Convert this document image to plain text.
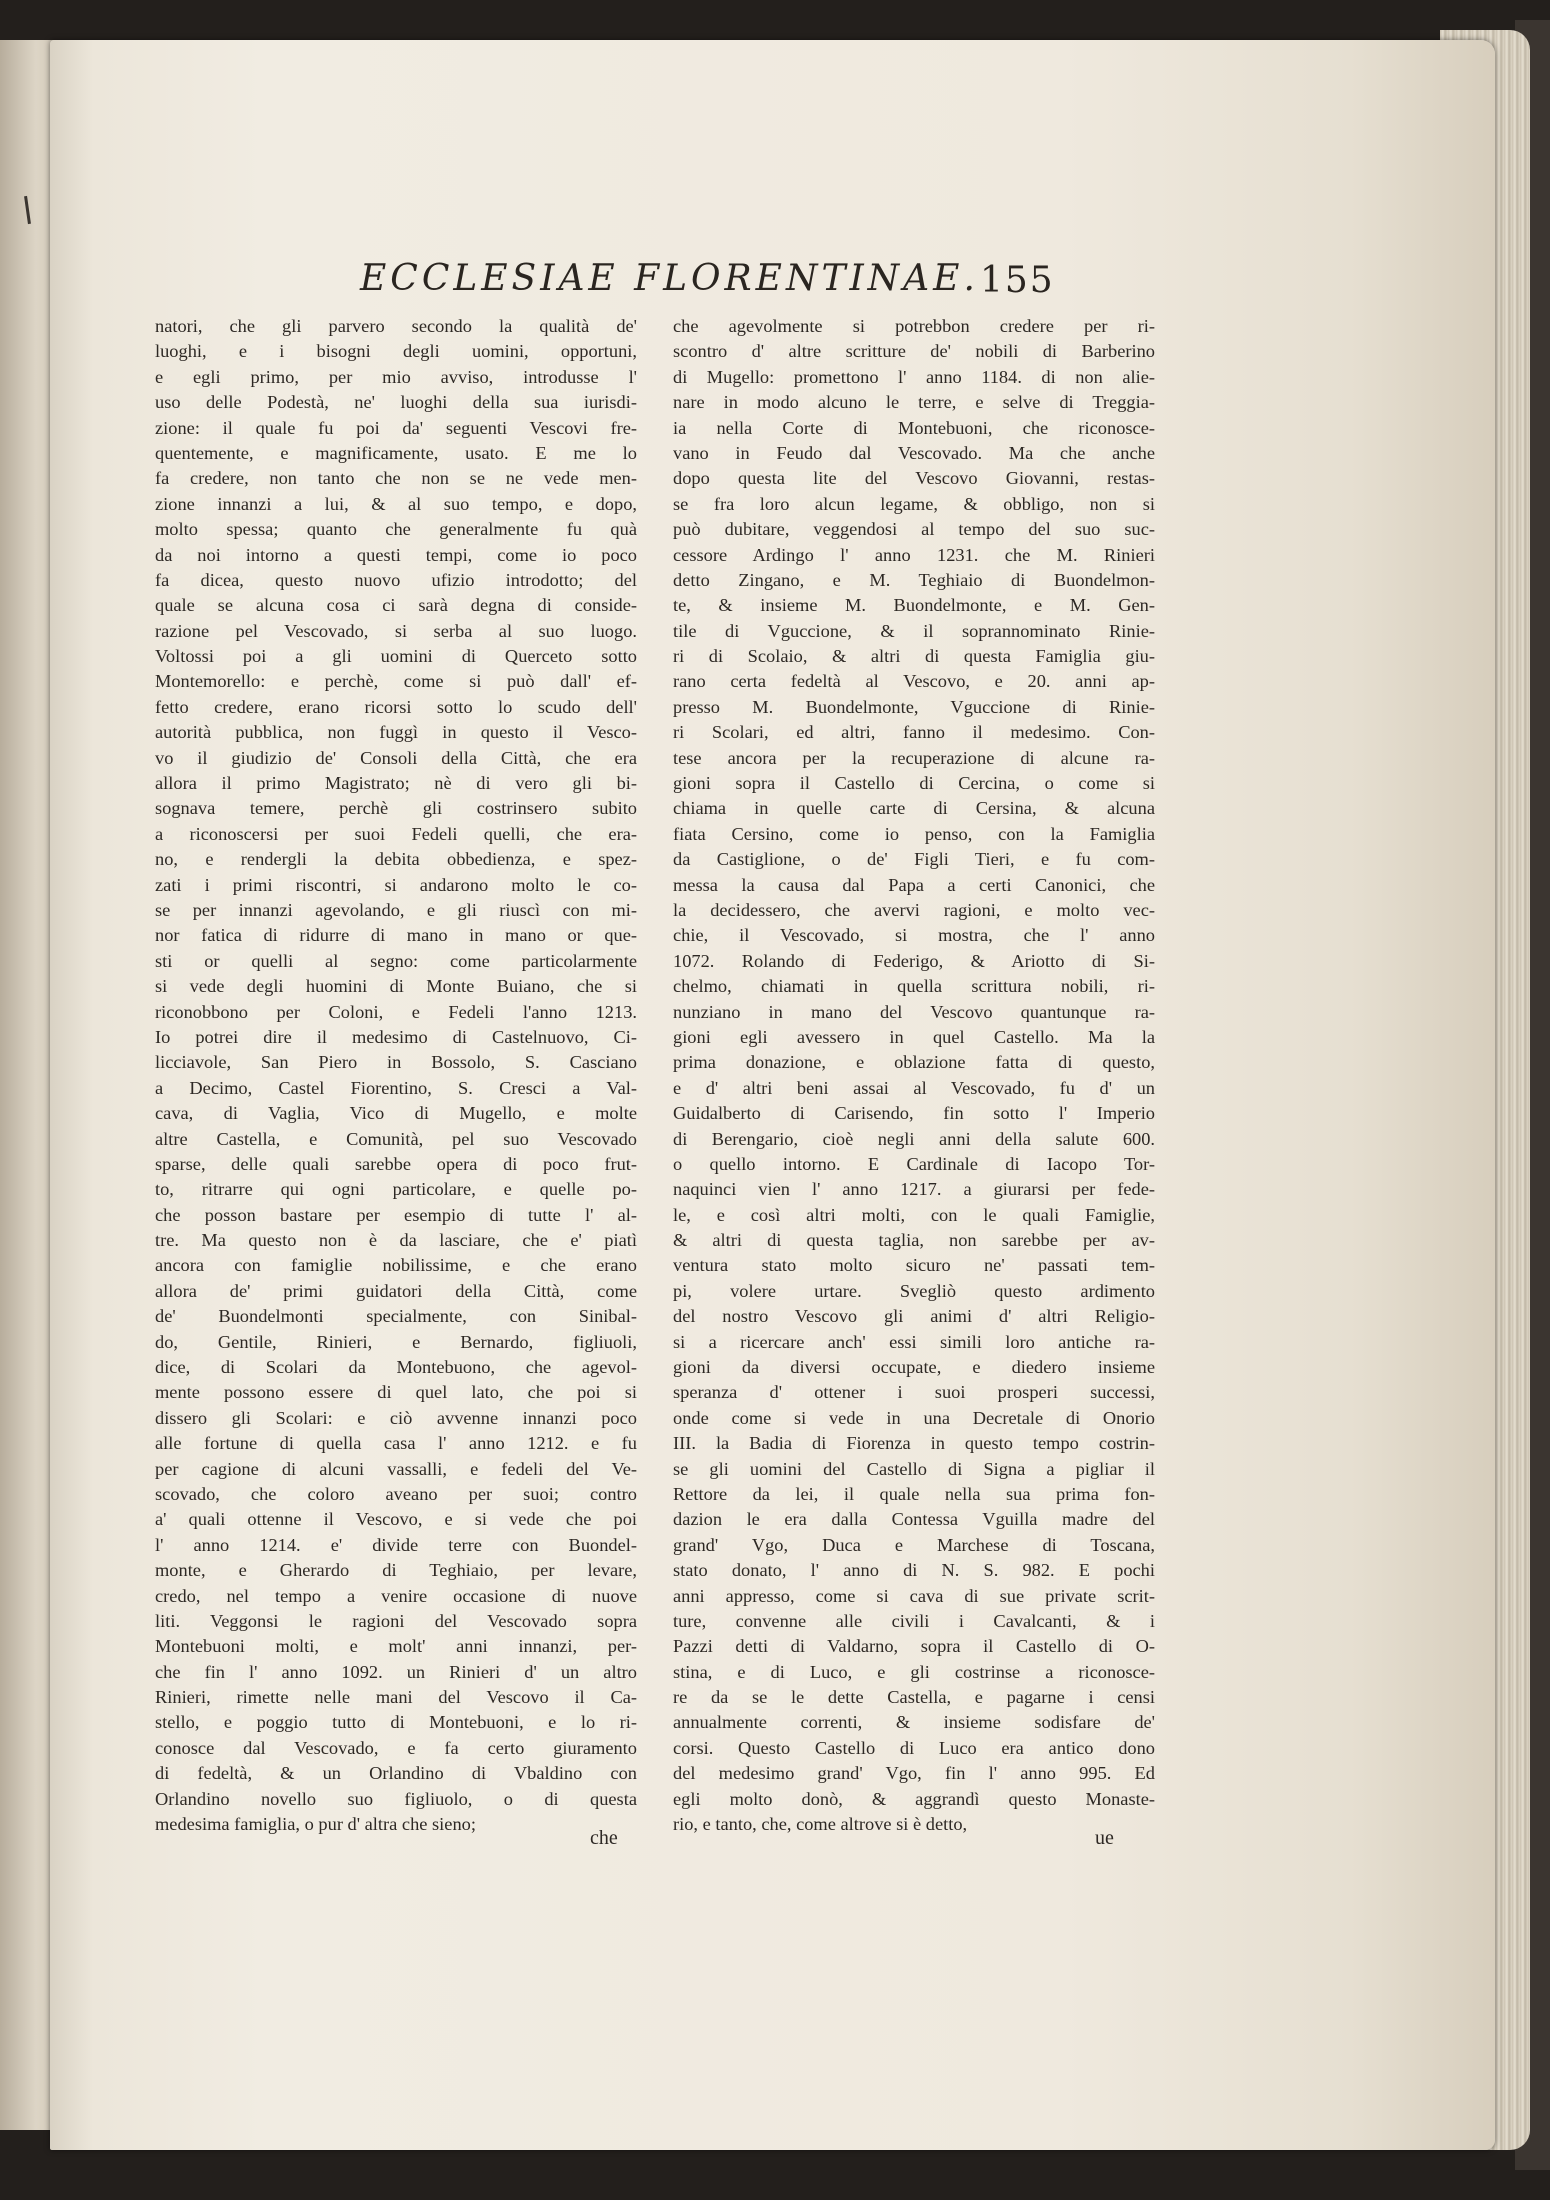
ECCLESIAE FLORENTINAE. 155
natori, che gli parvero secondo la qualità de'
luoghi, e i bisogni degli uomini, opportuni,
e egli primo, per mio avviso, introdusse l'
uso delle Podestà, ne' luoghi della sua iurisdi-
zione: il quale fu poi da' seguenti Vescovi fre-
quentemente, e magnificamente, usato. E me lo
fa credere, non tanto che non se ne vede men-
zione innanzi a lui, & al suo tempo, e dopo,
molto spessa; quanto che generalmente fu quà
da noi intorno a questi tempi, come io poco
fa dicea, questo nuovo ufizio introdotto; del
quale se alcuna cosa ci sarà degna di conside-
razione pel Vescovado, si serba al suo luogo.
Voltossi poi a gli uomini di Querceto sotto
Montemorello: e perchè, come si può dall' ef-
fetto credere, erano ricorsi sotto lo scudo dell'
autorità pubblica, non fuggì in questo il Vesco-
vo il giudizio de' Consoli della Città, che era
allora il primo Magistrato; nè di vero gli bi-
sognava temere, perchè gli costrinsero subito
a riconoscersi per suoi Fedeli quelli, che era-
no, e rendergli la debita obbedienza, e spez-
zati i primi riscontri, si andarono molto le co-
se per innanzi agevolando, e gli riuscì con mi-
nor fatica di ridurre di mano in mano or que-
sti or quelli al segno: come particolarmente
si vede degli huomini di Monte Buiano, che si
riconobbono per Coloni, e Fedeli l'anno 1213.
Io potrei dire il medesimo di Castelnuovo, Ci-
licciavole, San Piero in Bossolo, S. Casciano
a Decimo, Castel Fiorentino, S. Cresci a Val-
cava, di Vaglia, Vico di Mugello, e molte
altre Castella, e Comunità, pel suo Vescovado
sparse, delle quali sarebbe opera di poco frut-
to, ritrarre qui ogni particolare, e quelle po-
che posson bastare per esempio di tutte l' al-
tre. Ma questo non è da lasciare, che e' piatì
ancora con famiglie nobilissime, e che erano
allora de' primi guidatori della Città, come
de' Buondelmonti specialmente, con Sinibal-
do, Gentile, Rinieri, e Bernardo, figliuoli,
dice, di Scolari da Montebuono, che agevol-
mente possono essere di quel lato, che poi si
dissero gli Scolari: e ciò avvenne innanzi poco
alle fortune di quella casa l' anno 1212. e fu
per cagione di alcuni vassalli, e fedeli del Ve-
scovado, che coloro aveano per suoi; contro
a' quali ottenne il Vescovo, e si vede che poi
l' anno 1214. e' divide terre con Buondel-
monte, e Gherardo di Teghiaio, per levare,
credo, nel tempo a venire occasione di nuove
liti. Veggonsi le ragioni del Vescovado sopra
Montebuoni molti, e molt' anni innanzi, per-
che fin l' anno 1092. un Rinieri d' un altro
Rinieri, rimette nelle mani del Vescovo il Ca-
stello, e poggio tutto di Montebuoni, e lo ri-
conosce dal Vescovado, e fa certo giuramento
di fedeltà, & un Orlandino di Vbaldino con
Orlandino novello suo figliuolo, o di questa
medesima famiglia, o pur d' altra che sieno;
che agevolmente si potrebbon credere per ri-
scontro d' altre scritture de' nobili di Barberino
di Mugello: promettono l' anno 1184. di non alie-
nare in modo alcuno le terre, e selve di Treggia-
ia nella Corte di Montebuoni, che riconosce-
vano in Feudo dal Vescovado. Ma che anche
dopo questa lite del Vescovo Giovanni, restas-
se fra loro alcun legame, & obbligo, non si
può dubitare, veggendosi al tempo del suo suc-
cessore Ardingo l' anno 1231. che M. Rinieri
detto Zingano, e M. Teghiaio di Buondelmon-
te, & insieme M. Buondelmonte, e M. Gen-
tile di Vguccione, & il soprannominato Rinie-
ri di Scolaio, & altri di questa Famiglia giu-
rano certa fedeltà al Vescovo, e 20. anni ap-
presso M. Buondelmonte, Vguccione di Rinie-
ri Scolari, ed altri, fanno il medesimo. Con-
tese ancora per la recuperazione di alcune ra-
gioni sopra il Castello di Cercina, o come si
chiama in quelle carte di Cersina, & alcuna
fiata Cersino, come io penso, con la Famiglia
da Castiglione, o de' Figli Tieri, e fu com-
messa la causa dal Papa a certi Canonici, che
la decidessero, che avervi ragioni, e molto vec-
chie, il Vescovado, si mostra, che l' anno
1072. Rolando di Federigo, & Ariotto di Si-
chelmo, chiamati in quella scrittura nobili, ri-
nunziano in mano del Vescovo quantunque ra-
gioni egli avessero in quel Castello. Ma la
prima donazione, e oblazione fatta di questo,
e d' altri beni assai al Vescovado, fu d' un
Guidalberto di Carisendo, fin sotto l' Imperio
di Berengario, cioè negli anni della salute 600.
o quello intorno. E Cardinale di Iacopo Tor-
naquinci vien l' anno 1217. a giurarsi per fede-
le, e così altri molti, con le quali Famiglie,
& altri di questa taglia, non sarebbe per av-
ventura stato molto sicuro ne' passati tem-
pi, volere urtare. Svegliò questo ardimento
del nostro Vescovo gli animi d' altri Religio-
si a ricercare anch' essi simili loro antiche ra-
gioni da diversi occupate, e diedero insieme
speranza d' ottener i suoi prosperi successi,
onde come si vede in una Decretale di Onorio
III. la Badia di Fiorenza in questo tempo costrin-
se gli uomini del Castello di Signa a pigliar il
Rettore da lei, il quale nella sua prima fon-
dazion le era dalla Contessa Vguilla madre del
grand' Vgo, Duca e Marchese di Toscana,
stato donato, l' anno di N. S. 982. E pochi
anni appresso, come si cava di sue private scrit-
ture, convenne alle civili i Cavalcanti, & i
Pazzi detti di Valdarno, sopra il Castello di O-
stina, e di Luco, e gli costrinse a riconosce-
re da se le dette Castella, e pagarne i censi
annualmente correnti, & insieme sodisfare de'
corsi. Questo Castello di Luco era antico dono
del medesimo grand' Vgo, fin l' anno 995. Ed
egli molto donò, & aggrandì questo Monaste-
rio, e tanto, che, come altrove si è detto,
che	ue
